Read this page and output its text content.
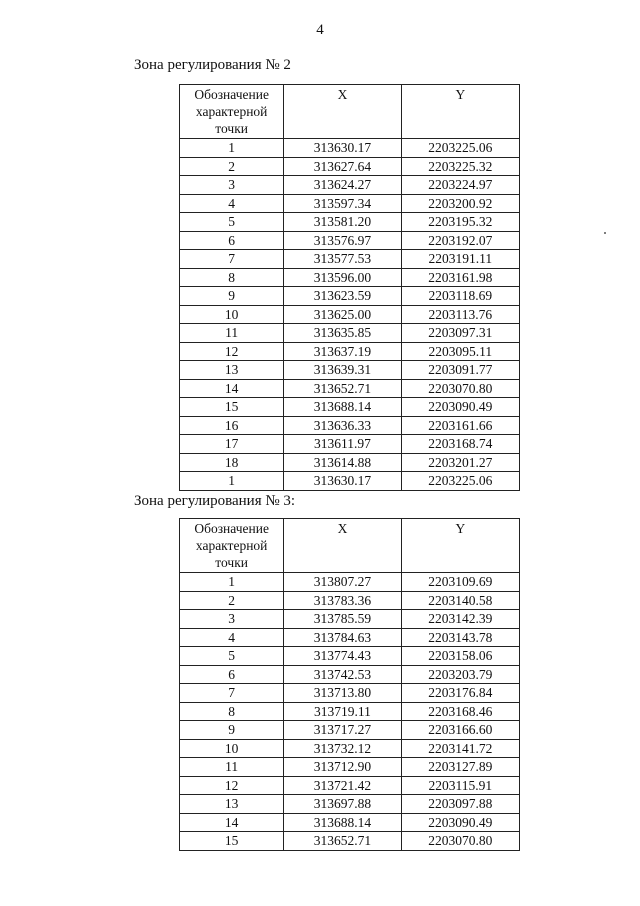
4
Зона регулирования № 2
Обозначение характерной точки	X	Y
1	313630.17	2203225.06
2	313627.64	2203225.32
3	313624.27	2203224.97
4	313597.34	2203200.92
5	313581.20	2203195.32
6	313576.97	2203192.07
7	313577.53	2203191.11
8	313596.00	2203161.98
9	313623.59	2203118.69
10	313625.00	2203113.76
11	313635.85	2203097.31
12	313637.19	2203095.11
13	313639.31	2203091.77
14	313652.71	2203070.80
15	313688.14	2203090.49
16	313636.33	2203161.66
17	313611.97	2203168.74
18	313614.88	2203201.27
1	313630.17	2203225.06
Зона регулирования № 3:
Обозначение характерной точки	X	Y
1	313807.27	2203109.69
2	313783.36	2203140.58
3	313785.59	2203142.39
4	313784.63	2203143.78
5	313774.43	2203158.06
6	313742.53	2203203.79
7	313713.80	2203176.84
8	313719.11	2203168.46
9	313717.27	2203166.60
10	313732.12	2203141.72
11	313712.90	2203127.89
12	313721.42	2203115.91
13	313697.88	2203097.88
14	313688.14	2203090.49
15	313652.71	2203070.80
